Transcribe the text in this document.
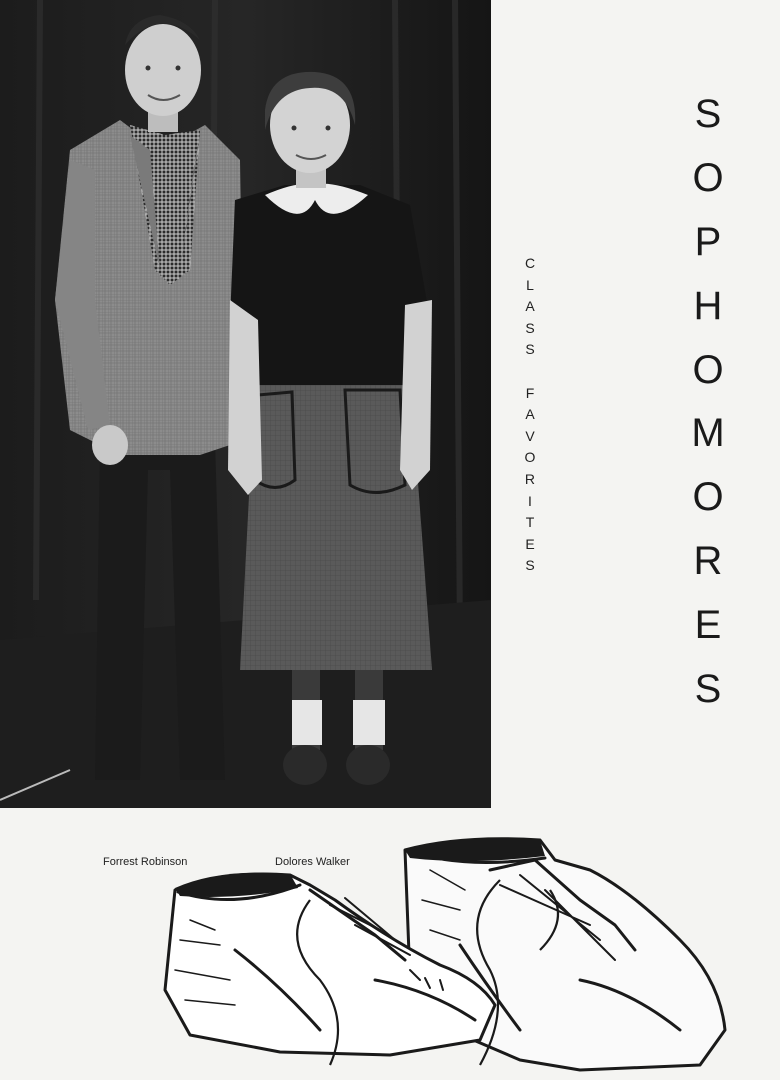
C
L
A
S
S
F
A
V
O
R
I
T
E
S
S
O
P
H
O
M
O
R
E
S
Forrest Robinson	Dolores Walker
